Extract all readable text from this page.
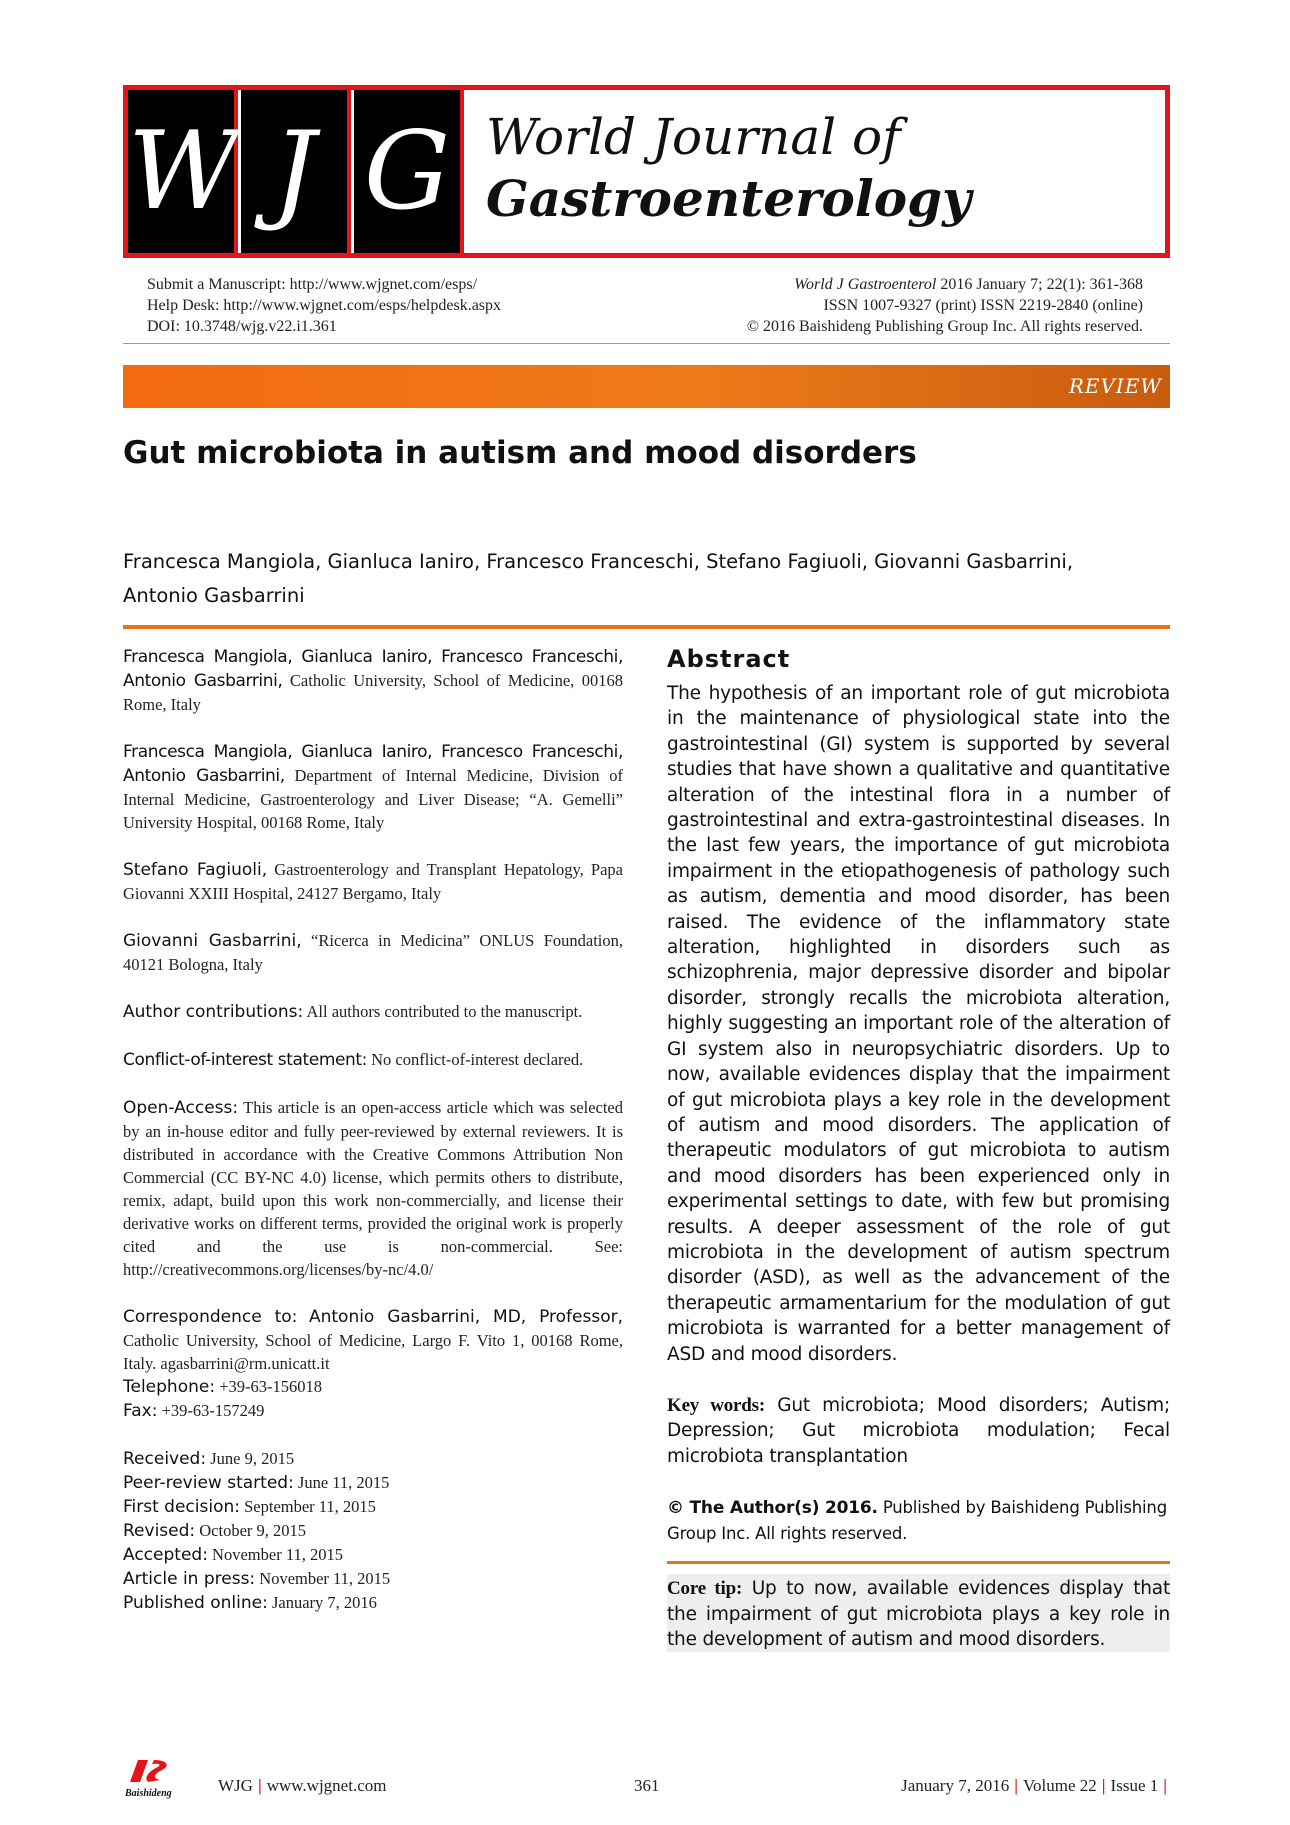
W J G World Journal of
Gastroenterology
Submit a Manuscript: http://www.wjgnet.com/esps/
Help Desk: http://www.wjgnet.com/esps/helpdesk.aspx
DOI: 10.3748/wjg.v22.i1.361
World J Gastroenterol 2016 January 7; 22(1): 361-368
ISSN 1007-9327 (print) ISSN 2219-2840 (online)
© 2016 Baishideng Publishing Group Inc. All rights reserved.
REVIEW
Gut microbiota in autism and mood disorders
Francesca Mangiola, Gianluca Ianiro, Francesco Franceschi, Stefano Fagiuoli, Giovanni Gasbarrini,
Antonio Gasbarrini
Francesca Mangiola, Gianluca Ianiro, Francesco Franceschi, Antonio Gasbarrini, Catholic University, School of Medicine, 00168 Rome, Italy
Francesca Mangiola, Gianluca Ianiro, Francesco Franceschi, Antonio Gasbarrini, Department of Internal Medicine, Division of Internal Medicine, Gastroenterology and Liver Disease; “A. Gemelli” University Hospital, 00168 Rome, Italy
Stefano Fagiuoli, Gastroenterology and Transplant Hepatology, Papa Giovanni XXIII Hospital, 24127 Bergamo, Italy
Giovanni Gasbarrini, “Ricerca in Medicina” ONLUS Foundation, 40121 Bologna, Italy
Author contributions: All authors contributed to the manuscript.
Conflict-of-interest statement: No conflict-of-interest declared.
Open-Access: This article is an open-access article which was selected by an in-house editor and fully peer-reviewed by external reviewers. It is distributed in accordance with the Creative Commons Attribution Non Commercial (CC BY-NC 4.0) license, which permits others to distribute, remix, adapt, build upon this work non-commercially, and license their derivative works on different terms, provided the original work is properly cited and the use is non-commercial. See: http://creativecommons.org/licenses/by-nc/4.0/
Correspondence to: Antonio Gasbarrini, MD, Professor, Catholic University, School of Medicine, Largo F. Vito 1, 00168 Rome, Italy. agasbarrini@rm.unicatt.it
Telephone: +39-63-156018
Fax: +39-63-157249
Received: June 9, 2015
Peer-review started: June 11, 2015
First decision: September 11, 2015
Revised: October 9, 2015
Accepted: November 11, 2015
Article in press: November 11, 2015
Published online: January 7, 2016
Abstract
The hypothesis of an important role of gut microbiota in the maintenance of physiological state into the gastrointestinal (GI) system is supported by several studies that have shown a qualitative and quantitative alteration of the intestinal flora in a number of gastrointestinal and extra-gastrointestinal diseases. In the last few years, the importance of gut microbiota impairment in the etiopathogenesis of pathology such as autism, dementia and mood disorder, has been raised. The evidence of the inflammatory state alteration, highlighted in disorders such as schizophrenia, major depressive disorder and bipolar disorder, strongly recalls the microbiota alteration, highly suggesting an important role of the alteration of GI system also in neuropsychiatric disorders. Up to now, available evidences display that the impairment of gut microbiota plays a key role in the development of autism and mood disorders. The application of therapeutic modulators of gut microbiota to autism and mood disorders has been experienced only in experimental settings to date, with few but promising results. A deeper assessment of the role of gut microbiota in the development of autism spectrum disorder (ASD), as well as the advancement of the therapeutic armamentarium for the modulation of gut microbiota is warranted for a better management of ASD and mood disorders.
Key words: Gut microbiota; Mood disorders; Autism; Depression; Gut microbiota modulation; Fecal microbiota transplantation
© The Author(s) 2016. Published by Baishideng Publishing Group Inc. All rights reserved.
Core tip: Up to now, available evidences display that the impairment of gut microbiota plays a key role in the development of autism and mood disorders.
Baishideng	WJG | www.wjgnet.com	361	January 7, 2016 | Volume 22 | Issue 1 |
